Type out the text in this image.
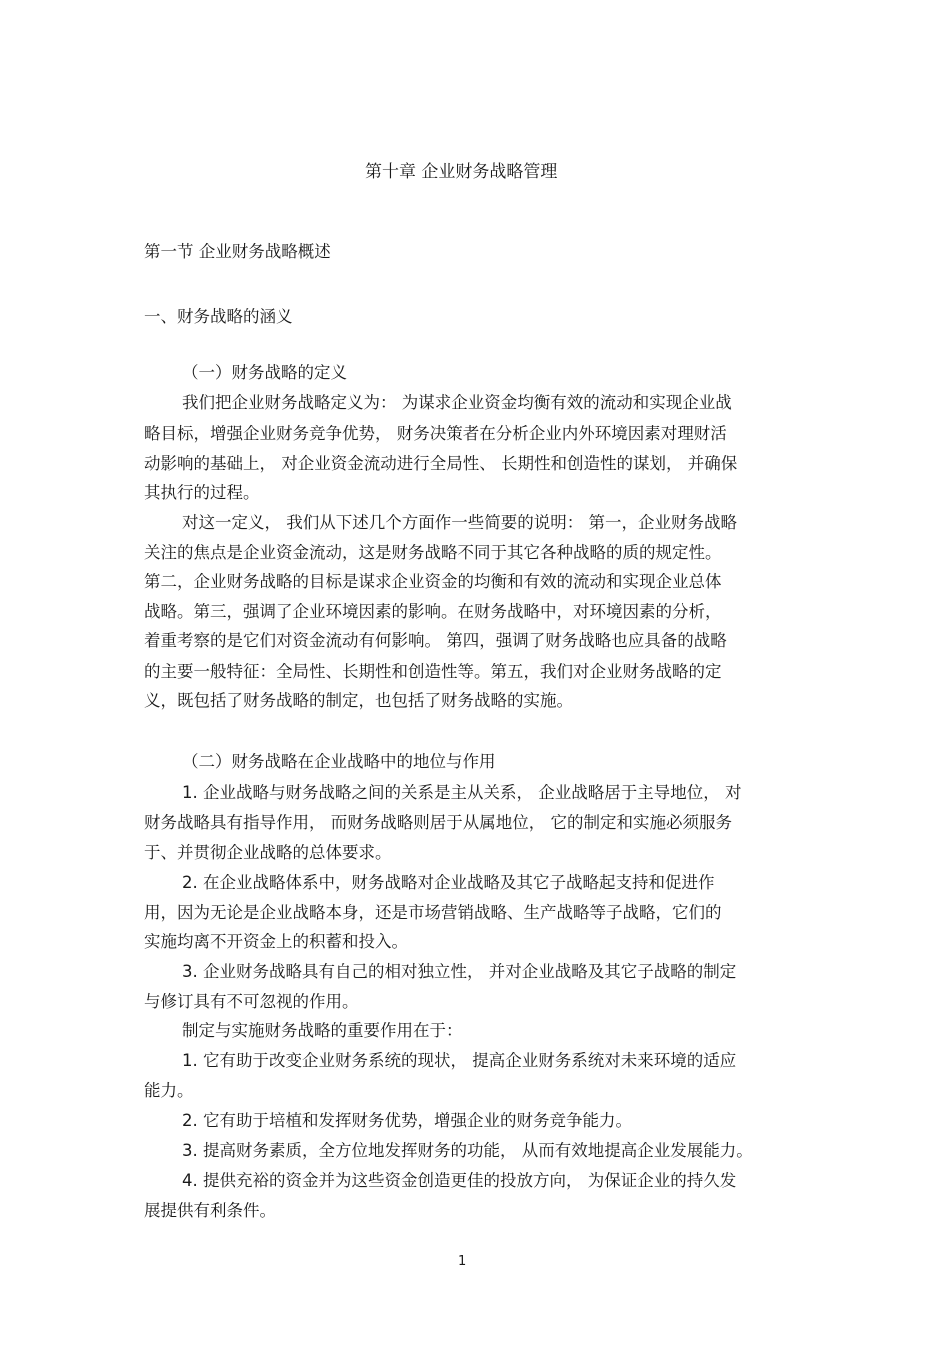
第十章 企业财务战略管理

第一节 企业财务战略概述

一、财务战略的涵义

（一）财务战略的定义

我们把企业财务战略定义为： 为谋求企业资金均衡有效的流动和实现企业战

略目标，增强企业财务竞争优势， 财务决策者在分析企业内外环境因素对理财活

动影响的基础上， 对企业资金流动进行全局性、 长期性和创造性的谋划， 并确保

其执行的过程。

对这一定义， 我们从下述几个方面作一些简要的说明： 第一，企业财务战略

关注的焦点是企业资金流动，这是财务战略不同于其它各种战略的质的规定性。

第二，企业财务战略的目标是谋求企业资金的均衡和有效的流动和实现企业总体

战略。第三，强调了企业环境因素的影响。在财务战略中，对环境因素的分析，

着重考察的是它们对资金流动有何影响。 第四，强调了财务战略也应具备的战略

的主要一般特征：全局性、长期性和创造性等。第五，我们对企业财务战略的定

义，既包括了财务战略的制定，也包括了财务战略的实施。

（二）财务战略在企业战略中的地位与作用

1. 企业战略与财务战略之间的关系是主从关系， 企业战略居于主导地位， 对

财务战略具有指导作用， 而财务战略则居于从属地位， 它的制定和实施必须服务

于、并贯彻企业战略的总体要求。

2. 在企业战略体系中，财务战略对企业战略及其它子战略起支持和促进作

用，因为无论是企业战略本身，还是市场营销战略、生产战略等子战略，它们的

实施均离不开资金上的积蓄和投入。

3. 企业财务战略具有自己的相对独立性， 并对企业战略及其它子战略的制定

与修订具有不可忽视的作用。

制定与实施财务战略的重要作用在于：

1. 它有助于改变企业财务系统的现状， 提高企业财务系统对未来环境的适应

能力。

2. 它有助于培植和发挥财务优势，增强企业的财务竞争能力。

3. 提高财务素质，全方位地发挥财务的功能， 从而有效地提高企业发展能力。

4. 提供充裕的资金并为这些资金创造更佳的投放方向， 为保证企业的持久发

展提供有利条件。

1
